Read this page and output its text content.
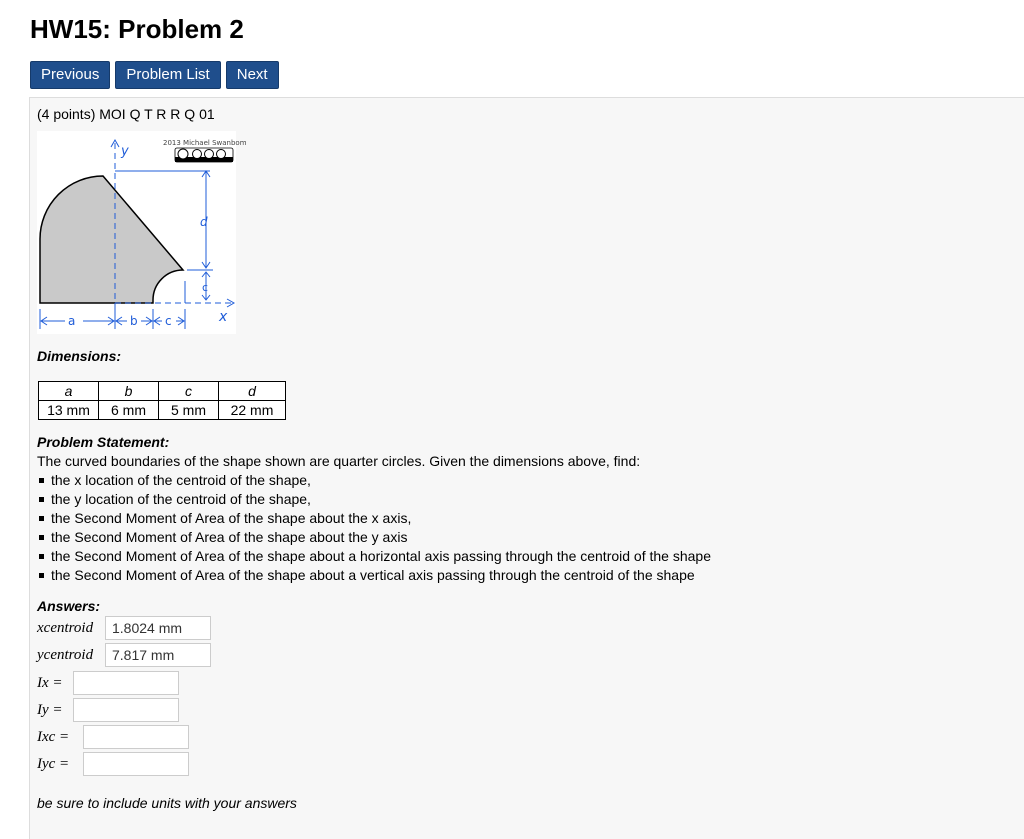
HW15: Problem 2
Previous	Problem List	Next
(4 points) MOI Q T R R Q 01
y
x
a	b c
d
c
2013 Michael Swanbom
Dimensions:
a	b	c	d
13 mm	6 mm	5 mm	22 mm
Problem Statement:
The curved boundaries of the shape shown are quarter circles. Given the dimensions above, find:
the x location of the centroid of the shape,
the y location of the centroid of the shape,
the Second Moment of Area of the shape about the x axis,
the Second Moment of Area of the shape about the y axis
the Second Moment of Area of the shape about a horizontal axis passing through the centroid of the shape
the Second Moment of Area of the shape about a vertical axis passing through the centroid of the shape
Answers:
xcentroid
1.8024 mm
ycentroid
7.817 mm
Ix =
Iy =
Ixc =
Iyc =
be sure to include units with your answers
